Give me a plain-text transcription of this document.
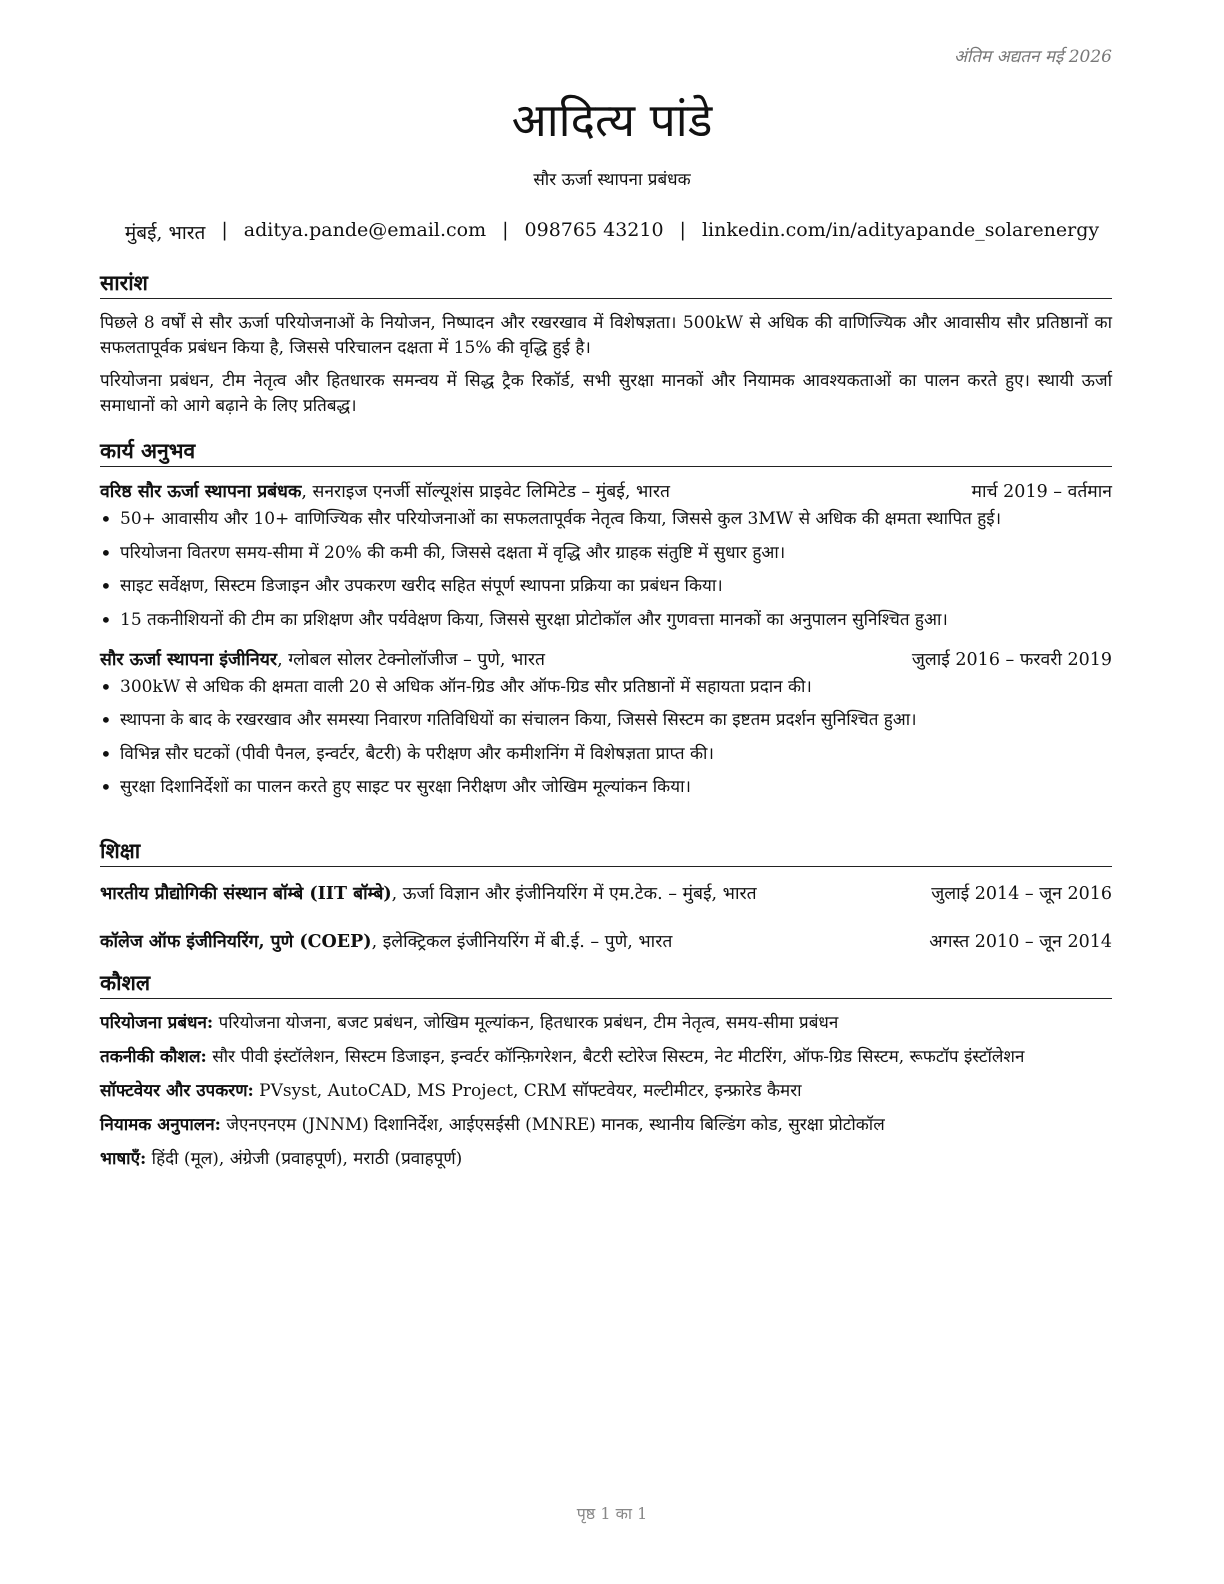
अंतिम अद्यतन मई 2026
आदित्य पांडे
सौर ऊर्जा स्थापना प्रबंधक
मुंबई, भारत | aditya.pande@email.com | 098765 43210 | linkedin.com/in/adityapande_solarenergy
सारांश

पिछले 8 वर्षों से सौर ऊर्जा परियोजनाओं के नियोजन, निष्पादन और रखरखाव में विशेषज्ञता। 500kW से अधिक की वाणिज्यिक और आवासीय सौर प्रतिष्ठानों का सफलतापूर्वक प्रबंधन किया है, जिससे परिचालन दक्षता में 15% की वृद्धि हुई है।

परियोजना प्रबंधन, टीम नेतृत्व और हितधारक समन्वय में सिद्ध ट्रैक रिकॉर्ड, सभी सुरक्षा मानकों और नियामक आवश्यकताओं का पालन करते हुए। स्थायी ऊर्जा समाधानों को आगे बढ़ाने के लिए प्रतिबद्ध।

कार्य अनुभव
वरिष्ठ सौर ऊर्जा स्थापना प्रबंधक, सनराइज एनर्जी सॉल्यूशंस प्राइवेट लिमिटेड – मुंबई, भारत	मार्च 2019 – वर्तमान
• 50+ आवासीय और 10+ वाणिज्यिक सौर परियोजनाओं का सफलतापूर्वक नेतृत्व किया, जिससे कुल 3MW से अधिक की क्षमता स्थापित हुई।
• परियोजना वितरण समय-सीमा में 20% की कमी की, जिससे दक्षता में वृद्धि और ग्राहक संतुष्टि में सुधार हुआ।
• साइट सर्वेक्षण, सिस्टम डिजाइन और उपकरण खरीद सहित संपूर्ण स्थापना प्रक्रिया का प्रबंधन किया।
• 15 तकनीशियनों की टीम का प्रशिक्षण और पर्यवेक्षण किया, जिससे सुरक्षा प्रोटोकॉल और गुणवत्ता मानकों का अनुपालन सुनिश्चित हुआ।
सौर ऊर्जा स्थापना इंजीनियर, ग्लोबल सोलर टेक्नोलॉजीज – पुणे, भारत	जुलाई 2016 – फरवरी 2019
• 300kW से अधिक की क्षमता वाली 20 से अधिक ऑन-ग्रिड और ऑफ-ग्रिड सौर प्रतिष्ठानों में सहायता प्रदान की।
• स्थापना के बाद के रखरखाव और समस्या निवारण गतिविधियों का संचालन किया, जिससे सिस्टम का इष्टतम प्रदर्शन सुनिश्चित हुआ।
• विभिन्न सौर घटकों (पीवी पैनल, इन्वर्टर, बैटरी) के परीक्षण और कमीशनिंग में विशेषज्ञता प्राप्त की।
• सुरक्षा दिशानिर्देशों का पालन करते हुए साइट पर सुरक्षा निरीक्षण और जोखिम मूल्यांकन किया।
शिक्षा
भारतीय प्रौद्योगिकी संस्थान बॉम्बे (IIT बॉम्बे), ऊर्जा विज्ञान और इंजीनियरिंग में एम.टेक. – मुंबई, भारत	जुलाई 2014 – जून 2016
कॉलेज ऑफ इंजीनियरिंग, पुणे (COEP), इलेक्ट्रिकल इंजीनियरिंग में बी.ई. – पुणे, भारत	अगस्त 2010 – जून 2014
कौशल
परियोजना प्रबंधन: परियोजना योजना, बजट प्रबंधन, जोखिम मूल्यांकन, हितधारक प्रबंधन, टीम नेतृत्व, समय-सीमा प्रबंधन
तकनीकी कौशल: सौर पीवी इंस्टॉलेशन, सिस्टम डिजाइन, इन्वर्टर कॉन्फ़िगरेशन, बैटरी स्टोरेज सिस्टम, नेट मीटरिंग, ऑफ-ग्रिड सिस्टम, रूफटॉप इंस्टॉलेशन
सॉफ्टवेयर और उपकरण: PVsyst, AutoCAD, MS Project, CRM सॉफ्टवेयर, मल्टीमीटर, इन्फ्रारेड कैमरा
नियामक अनुपालन: जेएनएनएम (JNNM) दिशानिर्देश, आईएसईसी (MNRE) मानक, स्थानीय बिल्डिंग कोड, सुरक्षा प्रोटोकॉल
भाषाएँ: हिंदी (मूल), अंग्रेजी (प्रवाहपूर्ण), मराठी (प्रवाहपूर्ण)
पृष्ठ 1 का 1
